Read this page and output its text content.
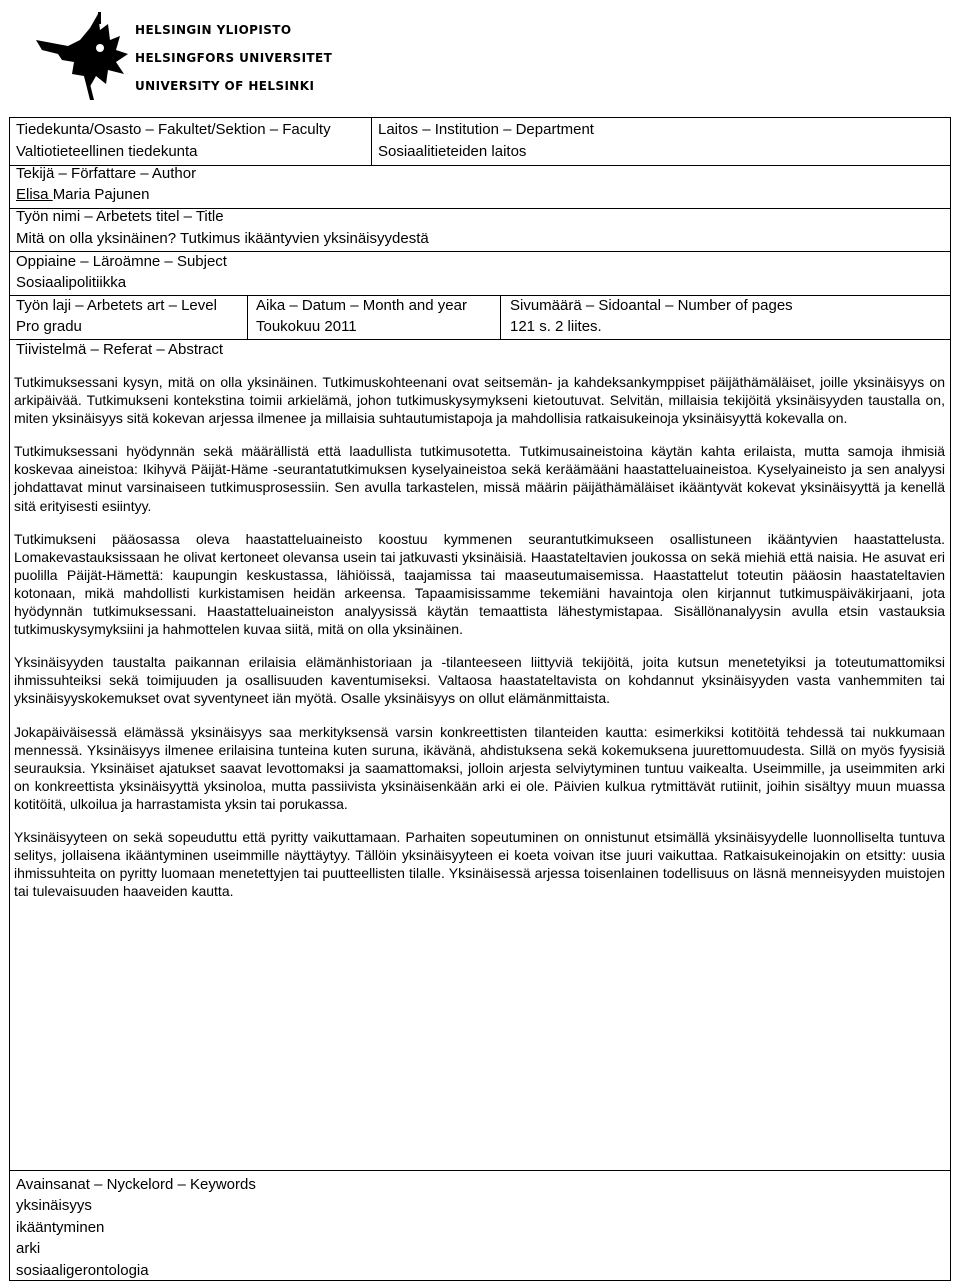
HELSINGIN YLIOPISTO
HELSINGFORS UNIVERSITET
UNIVERSITY OF HELSINKI
Tiedekunta/Osasto – Fakultet/Sektion – Faculty
Valtiotieteellinen tiedekunta
Laitos – Institution – Department
Sosiaalitieteiden laitos
Tekijä – Författare – Author
Elisa Maria Pajunen
Työn nimi – Arbetets titel – Title
Mitä on olla yksinäinen? Tutkimus ikääntyvien yksinäisyydestä
Oppiaine – Läroämne – Subject
Sosiaalipolitiikka
Työn laji – Arbetets art – Level
Pro gradu
Aika – Datum – Month and year
Toukokuu 2011
Sivumäärä – Sidoantal – Number of pages
121 s. 2 liites.
Tiivistelmä – Referat – Abstract

Tutkimuksessani kysyn, mitä on olla yksinäinen. Tutkimuskohteenani ovat seitsemän- ja kahdeksankymppiset päijäthämäläiset, joille yksinäisyys on arkipäivää. Tutkimukseni kontekstina toimii arkielämä, johon tutkimuskysymykseni kietoutuvat. Selvitän, millaisia tekijöitä yksinäisyyden taustalla on, miten yksinäisyys sitä kokevan arjessa ilmenee ja millaisia suhtautumistapoja ja mahdollisia ratkaisukeinoja yksinäisyyttä kokevalla on.

Tutkimuksessani hyödynnän sekä määrällistä että laadullista tutkimusotetta. Tutkimusaineistoina käytän kahta erilaista, mutta samoja ihmisiä koskevaa aineistoa: Ikihyvä Päijät-Häme -seurantatutkimuksen kyselyaineistoa sekä keräämääni haastatteluaineistoa. Kyselyaineisto ja sen analyysi johdattavat minut varsinaiseen tutkimusprosessiin. Sen avulla tarkastelen, missä määrin päijäthämäläiset ikääntyvät kokevat yksinäisyyttä ja kenellä sitä erityisesti esiintyy.

Tutkimukseni pääosassa oleva haastatteluaineisto koostuu kymmenen seurantutkimukseen osallistuneen ikääntyvien haastattelusta. Lomakevastauksissaan he olivat kertoneet olevansa usein tai jatkuvasti yksinäisiä. Haastateltavien joukossa on sekä miehiä että naisia. He asuvat eri puolilla Päijät-Hämettä: kaupungin keskustassa, lähiöissä, taajamissa tai maaseutumaisemissa. Haastattelut toteutin pääosin haastateltavien kotonaan, mikä mahdollisti kurkistamisen heidän arkeensa. Tapaamisissamme tekemiäni havaintoja olen kirjannut tutkimuspäiväkirjaani, jota hyödynnän tutkimuksessani. Haastatteluaineiston analyysissä käytän temaattista lähestymistapaa. Sisällönanalyysin avulla etsin vastauksia tutkimuskysymyksiini ja hahmottelen kuvaa siitä, mitä on olla yksinäinen.

Yksinäisyyden taustalta paikannan erilaisia elämänhistoriaan ja -tilanteeseen liittyviä tekijöitä, joita kutsun menetetyiksi ja toteutumattomiksi ihmissuhteiksi sekä toimijuuden ja osallisuuden kaventumiseksi. Valtaosa haastateltavista on kohdannut yksinäisyyden vasta vanhemmiten tai yksinäisyyskokemukset ovat syventyneet iän myötä. Osalle yksinäisyys on ollut elämänmittaista.

Jokapäiväisessä elämässä yksinäisyys saa merkityksensä varsin konkreettisten tilanteiden kautta: esimerkiksi kotitöitä tehdessä tai nukkumaan mennessä. Yksinäisyys ilmenee erilaisina tunteina kuten suruna, ikävänä, ahdistuksena sekä kokemuksena juurettomuudesta. Sillä on myös fyysisiä seurauksia. Yksinäiset ajatukset saavat levottomaksi ja saamattomaksi, jolloin arjesta selviytyminen tuntuu vaikealta. Useimmille, ja useimmiten arki on konkreettista yksinäisyyttä yksinoloa, mutta passiivista yksinäisenkään arki ei ole. Päivien kulkua rytmittävät rutiinit, joihin sisältyy muun muassa kotitöitä, ulkoilua ja harrastamista yksin tai porukassa.

Yksinäisyyteen on sekä sopeuduttu että pyritty vaikuttamaan. Parhaiten sopeutuminen on onnistunut etsimällä yksinäisyydelle luonnolliselta tuntuva selitys, jollaisena ikääntyminen useimmille näyttäytyy. Tällöin yksinäisyyteen ei koeta voivan itse juuri vaikuttaa. Ratkaisukeinojakin on etsitty: uusia ihmissuhteita on pyritty luomaan menetettyjen tai puutteellisten tilalle. Yksinäisessä arjessa toisenlainen todellisuus on läsnä menneisyyden muistojen tai tulevaisuuden haaveiden kautta.

Avainsanat – Nyckelord – Keywords
yksinäisyys
ikääntyminen
arki
sosiaaligerontologia
